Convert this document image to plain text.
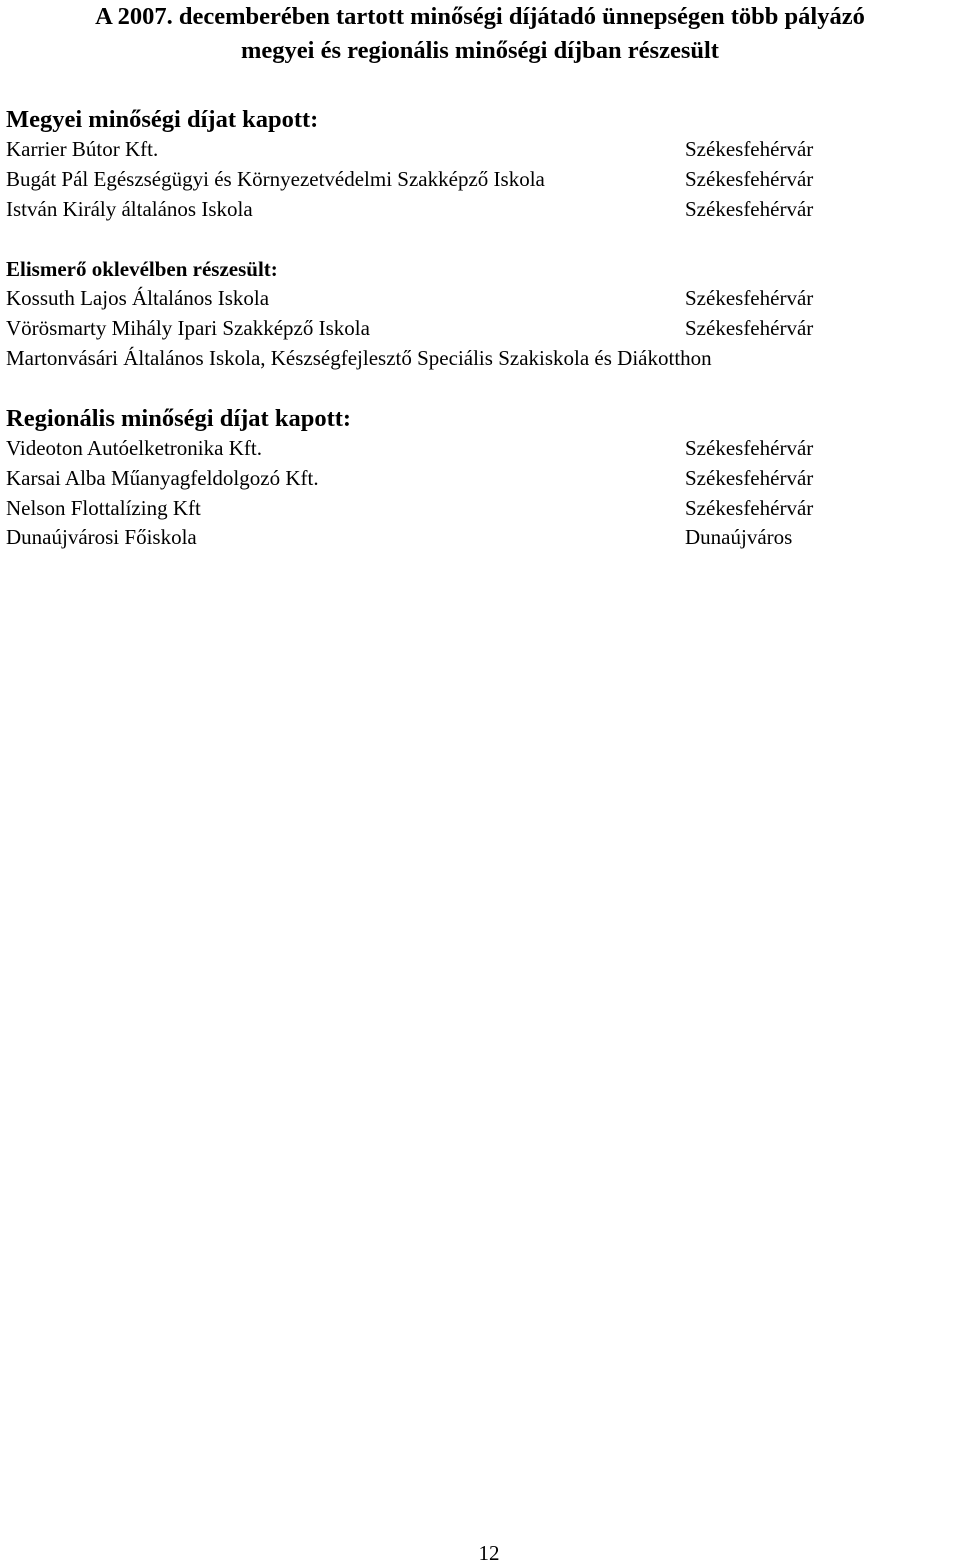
A 2007. decemberében tartott minőségi díjátadó ünnepségen több pályázó
megyei és regionális minőségi díjban részesült
Megyei minőségi díjat kapott:
Karrier Bútor Kft.	Székesfehérvár
Bugát Pál Egészségügyi és Környezetvédelmi Szakképző Iskola	Székesfehérvár
István Király általános Iskola	Székesfehérvár
Elismerő oklevélben részesült:
Kossuth Lajos Általános Iskola	Székesfehérvár
Vörösmarty Mihály Ipari Szakképző Iskola	Székesfehérvár
Martonvásári Általános Iskola, Készségfejlesztő Speciális Szakiskola és Diákotthon
Regionális minőségi díjat kapott:
Videoton Autóelketronika Kft.	Székesfehérvár
Karsai Alba Műanyagfeldolgozó Kft.	Székesfehérvár
Nelson Flottalízing Kft	Székesfehérvár
Dunaújvárosi Főiskola	Dunaújváros
12
